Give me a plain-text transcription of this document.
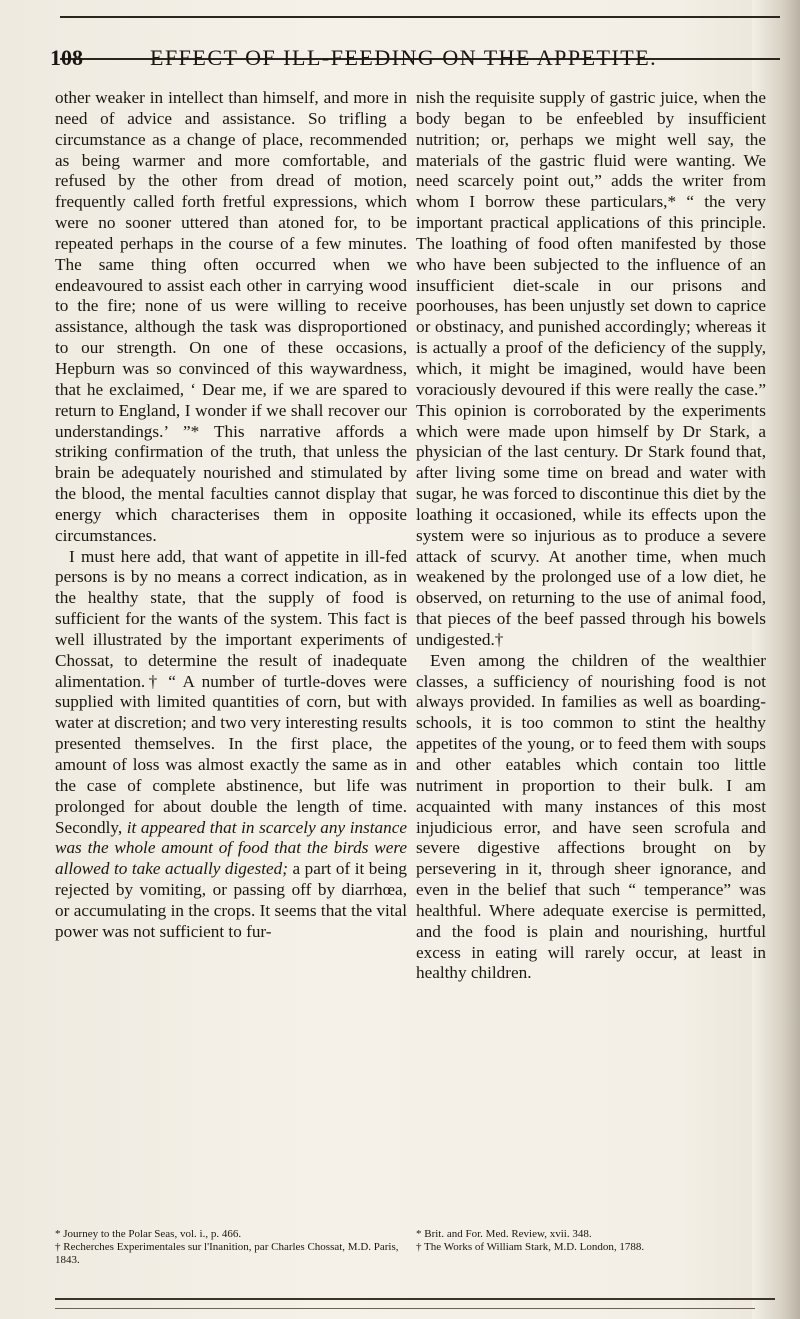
108	EFFECT OF ILL-FEEDING ON THE APPETITE.

other weaker in intellect than himself, and more in need of advice and assistance. So trifling a circumstance as a change of place, recommended as being warmer and more comfortable, and refused by the other from dread of motion, frequently called forth fretful expressions, which were no sooner uttered than atoned for, to be repeated perhaps in the course of a few minutes. The same thing often occurred when we endeavoured to assist each other in carrying wood to the fire; none of us were willing to receive assistance, although the task was disproportioned to our strength. On one of these occasions, Hepburn was so convinced of this waywardness, that he exclaimed, ‘ Dear me, if we are spared to return to England, I wonder if we shall recover our understandings.’ ”* This narrative affords a striking confirmation of the truth, that unless the brain be adequately nourished and stimulated by the blood, the mental faculties cannot display that energy which characterises them in opposite circumstances.

I must here add, that want of appetite in ill-fed persons is by no means a correct indication, as in the healthy state, that the supply of food is sufficient for the wants of the system. This fact is well illustrated by the important experiments of Chossat, to determine the result of inadequate alimentation.† “ A number of turtle-doves were supplied with limited quantities of corn, but with water at discretion; and two very interesting results presented themselves. In the first place, the amount of loss was almost exactly the same as in the case of complete abstinence, but life was prolonged for about double the length of time. Secondly, it appeared that in scarcely any instance was the whole amount of food that the birds were allowed to take actually digested; a part of it being rejected by vomiting, or passing off by diarrhœa, or accumulating in the crops. It seems that the vital power was not sufficient to fur-

nish the requisite supply of gastric juice, when the body began to be enfeebled by insufficient nutrition; or, perhaps we might well say, the materials of the gastric fluid were wanting. We need scarcely point out,” adds the writer from whom I borrow these particulars,* “ the very important practical applications of this principle. The loathing of food often manifested by those who have been subjected to the influence of an insufficient diet-scale in our prisons and poorhouses, has been unjustly set down to caprice or obstinacy, and punished accordingly; whereas it is actually a proof of the deficiency of the supply, which, it might be imagined, would have been voraciously devoured if this were really the case.” This opinion is corroborated by the experiments which were made upon himself by Dr Stark, a physician of the last century. Dr Stark found that, after living some time on bread and water with sugar, he was forced to discontinue this diet by the loathing it occasioned, while its effects upon the system were so injurious as to produce a severe attack of scurvy. At another time, when much weakened by the prolonged use of a low diet, he observed, on returning to the use of animal food, that pieces of the beef passed through his bowels undigested.†

Even among the children of the wealthier classes, a sufficiency of nourishing food is not always provided. In families as well as boarding-schools, it is too common to stint the healthy appetites of the young, or to feed them with soups and other eatables which contain too little nutriment in proportion to their bulk. I am acquainted with many instances of this most injudicious error, and have seen scrofula and severe digestive affections brought on by persevering in it, through sheer ignorance, and even in the belief that such “ temperance” was healthful. Where adequate exercise is permitted, and the food is plain and nourishing, hurtful excess in eating will rarely occur, at least in healthy children.

* Journey to the Polar Seas, vol. i., p. 466.
† Recherches Experimentales sur l'Inanition, par Charles Chossat, M.D. Paris, 1843.
* Brit. and For. Med. Review, xvii. 348.
† The Works of William Stark, M.D. London, 1788.
